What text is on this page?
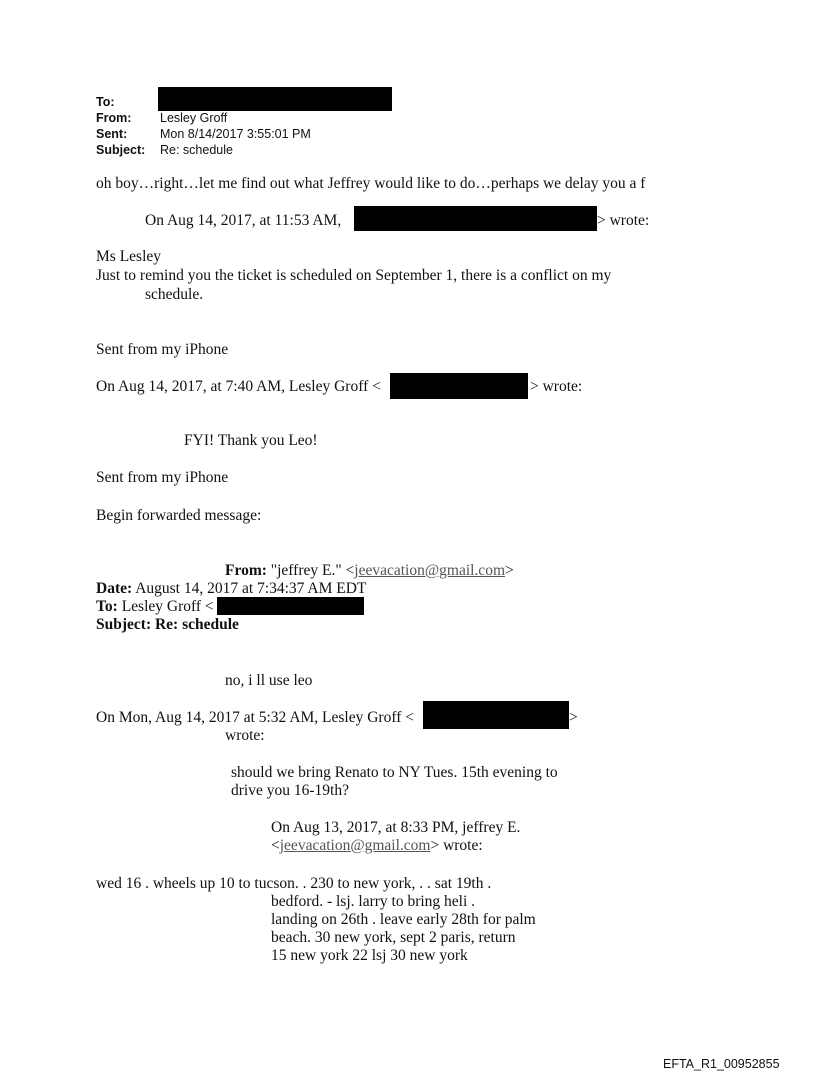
To:
From: Lesley Groff
Sent:	Mon 8/14/2017 3:55:01 PM
Subject: Re: schedule
oh boy…right…let me find out what Jeffrey would like to do…perhaps we delay you a f
On Aug 14, 2017, at 11:53 AM,	> wrote:
Ms Lesley
Just to remind you the ticket is scheduled on September 1, there is a conflict on my
schedule.
Sent from my iPhone
On Aug 14, 2017, at 7:40 AM, Lesley Groff <	> wrote:
FYI! Thank you Leo!
Sent from my iPhone
Begin forwarded message:
From: "jeffrey E." <jeevacation@gmail.com>
Date: August 14, 2017 at 7:34:37 AM EDT
To: Lesley Groff <
Subject: Re: schedule
no, i ll use leo
On Mon, Aug 14, 2017 at 5:32 AM, Lesley Groff <	>
wrote:
should we bring Renato to NY Tues. 15th evening to
drive you 16-19th?
On Aug 13, 2017, at 8:33 PM, jeffrey E.
<jeevacation@gmail.com> wrote:
wed 16 . wheels up 10 to tucson. . 230 to new york, . . sat 19th .
bedford. - lsj. larry to bring heli .
landing on 26th . leave early 28th for palm
beach. 30 new york, sept 2 paris, return
15 new york 22 lsj 30 new york
EFTA_R1_00952855
